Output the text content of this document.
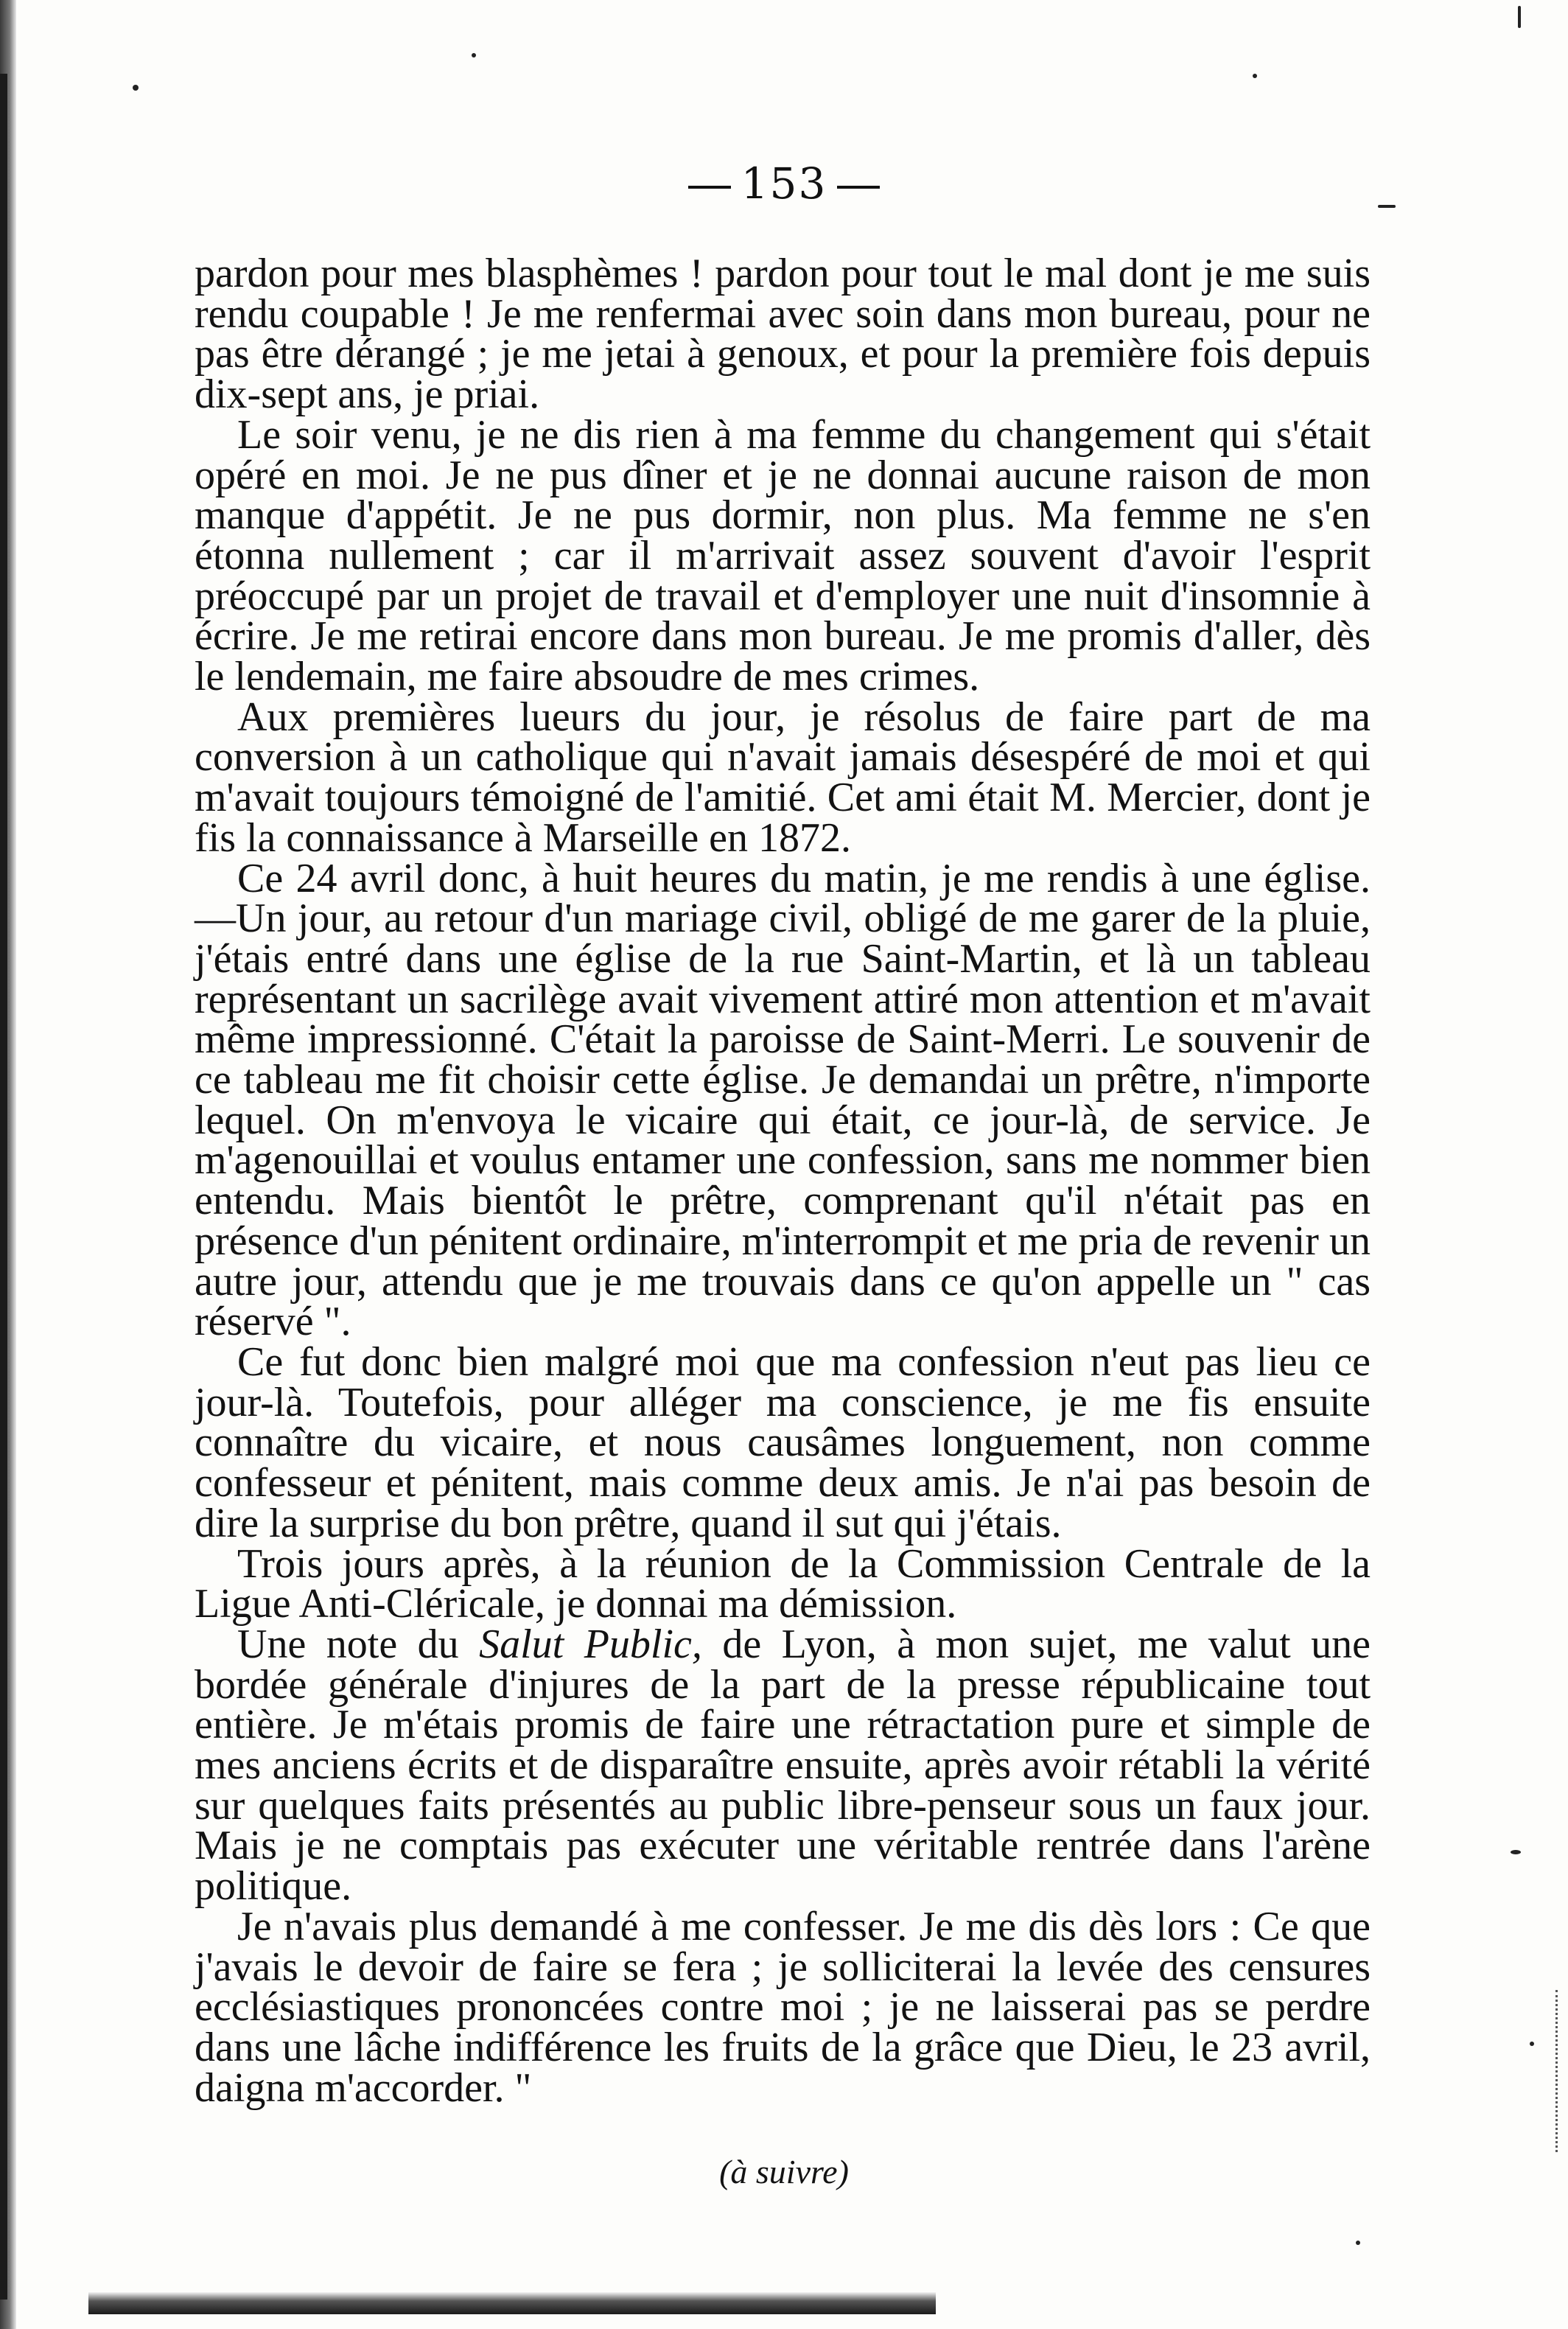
153

pardon pour mes blasphèmes ! pardon pour tout le mal dont je me suis rendu coupable ! Je me renfermai avec soin dans mon bureau, pour ne pas être dérangé ; je me jetai à genoux, et pour la première fois depuis dix-sept ans, je priai.

Le soir venu, je ne dis rien à ma femme du changement qui s'était opéré en moi. Je ne pus dîner et je ne donnai aucune raison de mon manque d'appétit. Je ne pus dormir, non plus. Ma femme ne s'en étonna nullement ; car il m'arrivait assez souvent d'avoir l'esprit préoccupé par un projet de travail et d'employer une nuit d'insomnie à écrire. Je me retirai encore dans mon bureau. Je me promis d'aller, dès le lendemain, me faire absoudre de mes crimes.

Aux premières lueurs du jour, je résolus de faire part de ma conversion à un catholique qui n'avait jamais désespéré de moi et qui m'avait toujours témoigné de l'amitié. Cet ami était M. Mercier, dont je fis la connaissance à Marseille en 1872.

Ce 24 avril donc, à huit heures du matin, je me rendis à une église.—Un jour, au retour d'un mariage civil, obligé de me garer de la pluie, j'étais entré dans une église de la rue Saint-Martin, et là un tableau représentant un sacrilège avait vivement attiré mon attention et m'avait même impressionné. C'était la paroisse de Saint-Merri. Le souvenir de ce tableau me fit choisir cette église. Je demandai un prêtre, n'importe lequel. On m'envoya le vicaire qui était, ce jour-là, de service. Je m'agenouillai et voulus entamer une confession, sans me nommer bien entendu. Mais bientôt le prêtre, comprenant qu'il n'était pas en présence d'un pénitent ordinaire, m'interrompit et me pria de revenir un autre jour, attendu que je me trouvais dans ce qu'on appelle un " cas réservé ".

Ce fut donc bien malgré moi que ma confession n'eut pas lieu ce jour-là. Toutefois, pour alléger ma conscience, je me fis ensuite connaître du vicaire, et nous causâmes longuement, non comme confesseur et pénitent, mais comme deux amis. Je n'ai pas besoin de dire la surprise du bon prêtre, quand il sut qui j'étais.

Trois jours après, à la réunion de la Commission Centrale de la Ligue Anti-Cléricale, je donnai ma démission.

Une note du Salut Public, de Lyon, à mon sujet, me valut une bordée générale d'injures de la part de la presse républicaine tout entière. Je m'étais promis de faire une rétractation pure et simple de mes anciens écrits et de disparaître ensuite, après avoir rétabli la vérité sur quelques faits présentés au public libre-penseur sous un faux jour. Mais je ne comptais pas exécuter une véritable rentrée dans l'arène politique.

Je n'avais plus demandé à me confesser. Je me dis dès lors : Ce que j'avais le devoir de faire se fera ; je solliciterai la levée des censures ecclésiastiques prononcées contre moi ; je ne laisserai pas se perdre dans une lâche indifférence les fruits de la grâce que Dieu, le 23 avril, daigna m'accorder. "

(à suivre)
